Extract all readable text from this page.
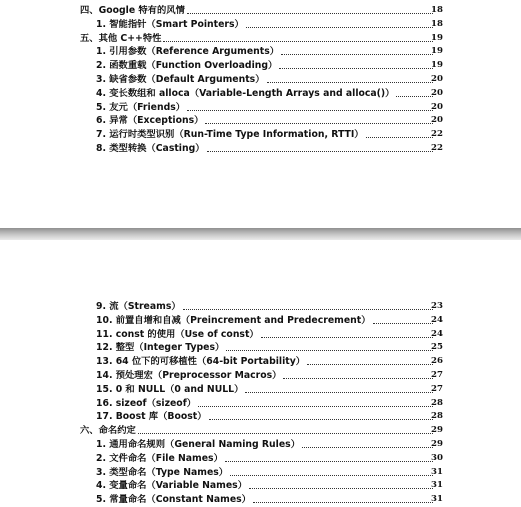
四、Google 特有的风情	18
1. 智能指针（Smart Pointers）	18
五、其他 C++特性	19
1. 引用参数（Reference Arguments）	19
2. 函数重载（Function Overloading）	19
3. 缺省参数（Default Arguments）	20
4. 变长数组和 alloca（Variable-Length Arrays and alloca()）	20
5. 友元（Friends）	20
6. 异常（Exceptions）	20
7. 运行时类型识别（Run-Time Type Information, RTTI）	22
8. 类型转换（Casting）	22
9. 流（Streams）	23
10. 前置自增和自减（Preincrement and Predecrement）	24
11. const 的使用（Use of const）	24
12. 整型（Integer Types）	25
13. 64 位下的可移植性（64-bit Portability）	26
14. 预处理宏（Preprocessor Macros）	27
15. 0 和 NULL（0 and NULL）	27
16. sizeof（sizeof）	28
17. Boost 库（Boost）	28
六、命名约定	29
1. 通用命名规则（General Naming Rules）	29
2. 文件命名（File Names）	30
3. 类型命名（Type Names）	31
4. 变量命名（Variable Names）	31
5. 常量命名（Constant Names）	31
